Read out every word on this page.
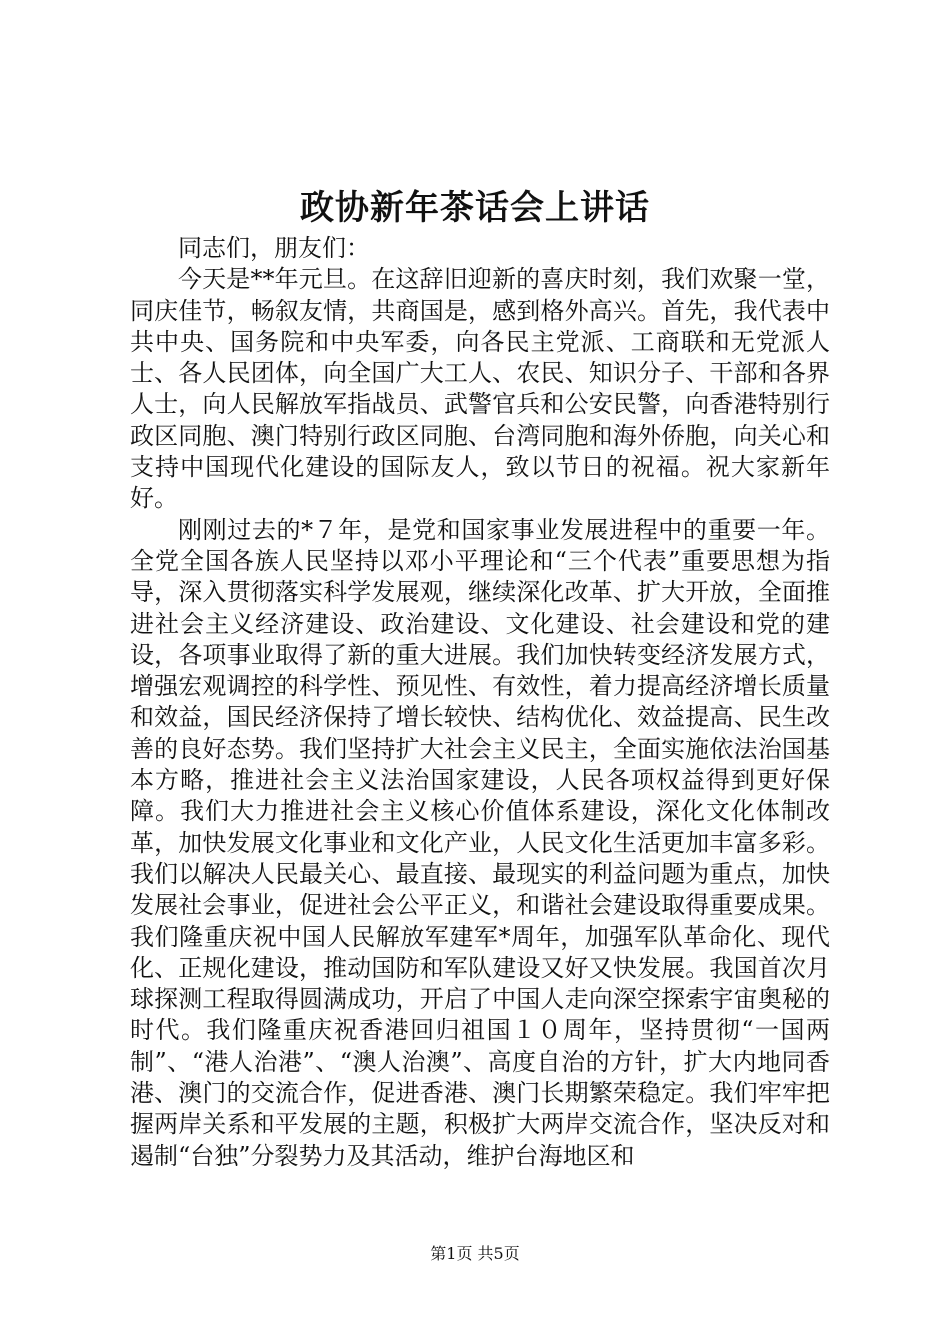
政协新年茶话会上讲话

同志们，朋友们：

今天是**年元旦。在这辞旧迎新的喜庆时刻，我们欢聚一堂，同庆佳节，畅叙友情，共商国是，感到格外高兴。首先，我代表中共中央、国务院和中央军委，向各民主党派、工商联和无党派人士、各人民团体，向全国广大工人、农民、知识分子、干部和各界人士，向人民解放军指战员、武警官兵和公安民警，向香港特别行政区同胞、澳门特别行政区同胞、台湾同胞和海外侨胞，向关心和支持中国现代化建设的国际友人，致以节日的祝福。祝大家新年好。

刚刚过去的*７年，是党和国家事业发展进程中的重要一年。全党全国各族人民坚持以邓小平理论和“三个代表”重要思想为指导，深入贯彻落实科学发展观，继续深化改革、扩大开放，全面推进社会主义经济建设、政治建设、文化建设、社会建设和党的建设，各项事业取得了新的重大进展。我们加快转变经济发展方式，增强宏观调控的科学性、预见性、有效性，着力提高经济增长质量和效益，国民经济保持了增长较快、结构优化、效益提高、民生改善的良好态势。我们坚持扩大社会主义民主，全面实施依法治国基本方略，推进社会主义法治国家建设，人民各项权益得到更好保障。我们大力推进社会主义核心价值体系建设，深化文化体制改革，加快发展文化事业和文化产业，人民文化生活更加丰富多彩。我们以解决人民最关心、最直接、最现实的利益问题为重点，加快发展社会事业，促进社会公平正义，和谐社会建设取得重要成果。我们隆重庆祝中国人民解放军建军*周年，加强军队革命化、现代化、正规化建设，推动国防和军队建设又好又快发展。我国首次月球探测工程取得圆满成功，开启了中国人走向深空探索宇宙奥秘的时代。我们隆重庆祝香港回归祖国１０周年，坚持贯彻“一国两制”、“港人治港”、“澳人治澳”、高度自治的方针，扩大内地同香港、澳门的交流合作，促进香港、澳门长期繁荣稳定。我们牢牢把握两岸关系和平发展的主题，积极扩大两岸交流合作，坚决反对和遏制“台独”分裂势力及其活动，维护台海地区和

第1页 共5页
